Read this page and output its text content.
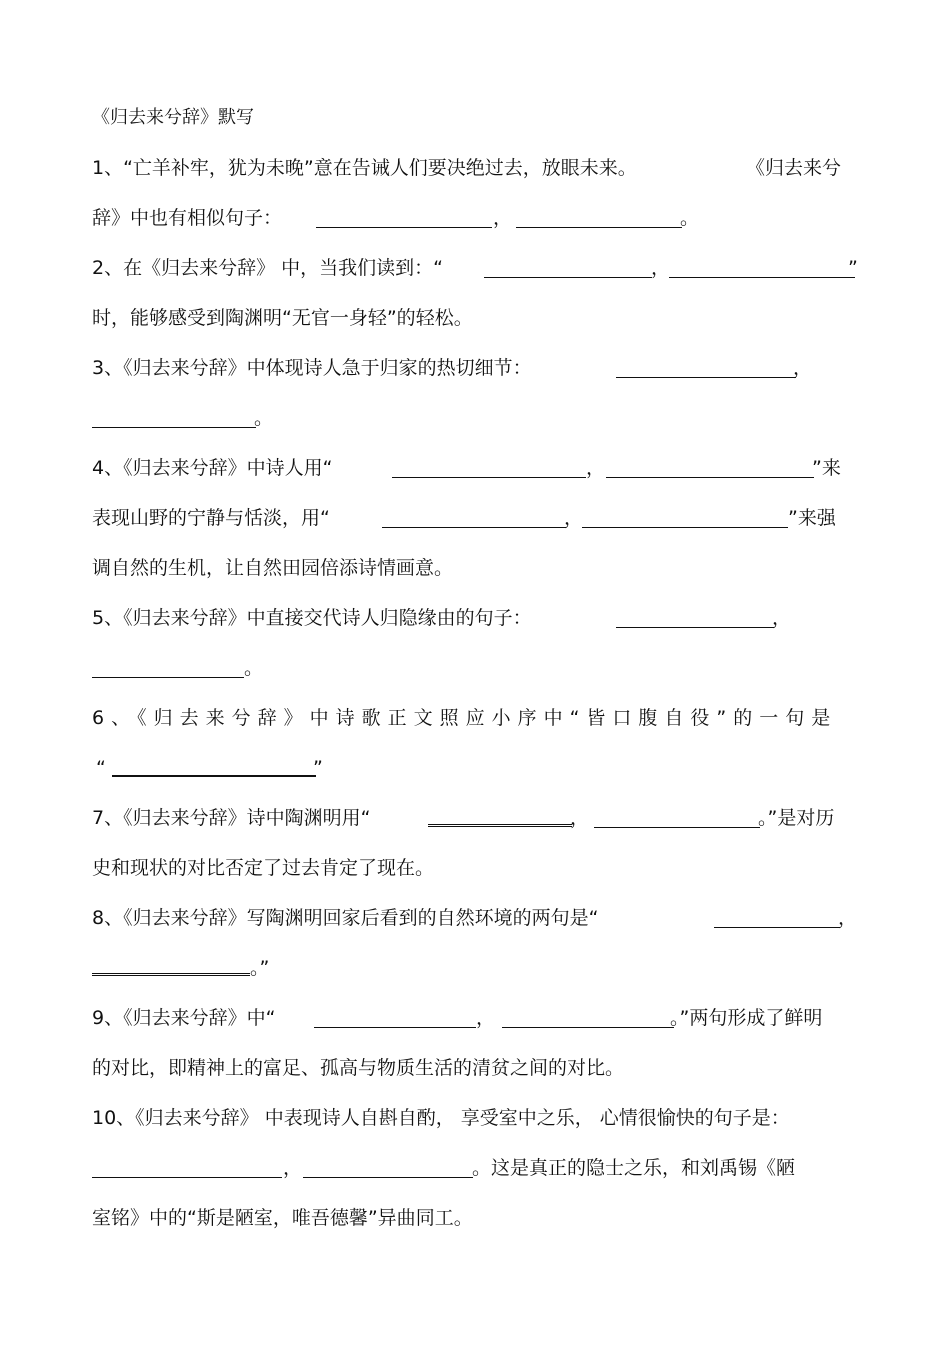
《归去来兮辞》默写
1、“亡羊补牢，犹为未晚”意在告诫人们要决绝过去，放眼未来。	《归去来兮
辞》中也有相似句子：	，	。
2、在《归去来兮辞》 中，当我们读到：“	，	”
时，能够感受到陶渊明“无官一身轻”的轻松。
3、《归去来兮辞》中体现诗人急于归家的热切细节：	，
。
4、《归去来兮辞》中诗人用“	，	”来
表现山野的宁静与恬淡，用“	，	”来强
调自然的生机，让自然田园倍添诗情画意。
5、《归去来兮辞》中直接交代诗人归隐缘由的句子：	，
。
6、《归去来兮辞》中诗歌正文照应小序中“皆口腹自役”的一句是
“	”
7、《归去来兮辞》诗中陶渊明用“	，	。”是对历
史和现状的对比否定了过去肯定了现在。
8、《归去来兮辞》写陶渊明回家后看到的自然环境的两句是“	，
。”
9、《归去来兮辞》中“	，	。”两句形成了鲜明
的对比，即精神上的富足、孤高与物质生活的清贫之间的对比。
10、《归去来兮辞》 中表现诗人自斟自酌， 享受室中之乐， 心情很愉快的句子是：
，	。这是真正的隐士之乐，和刘禹锡《陋
室铭》中的“斯是陋室，唯吾德馨”异曲同工。
